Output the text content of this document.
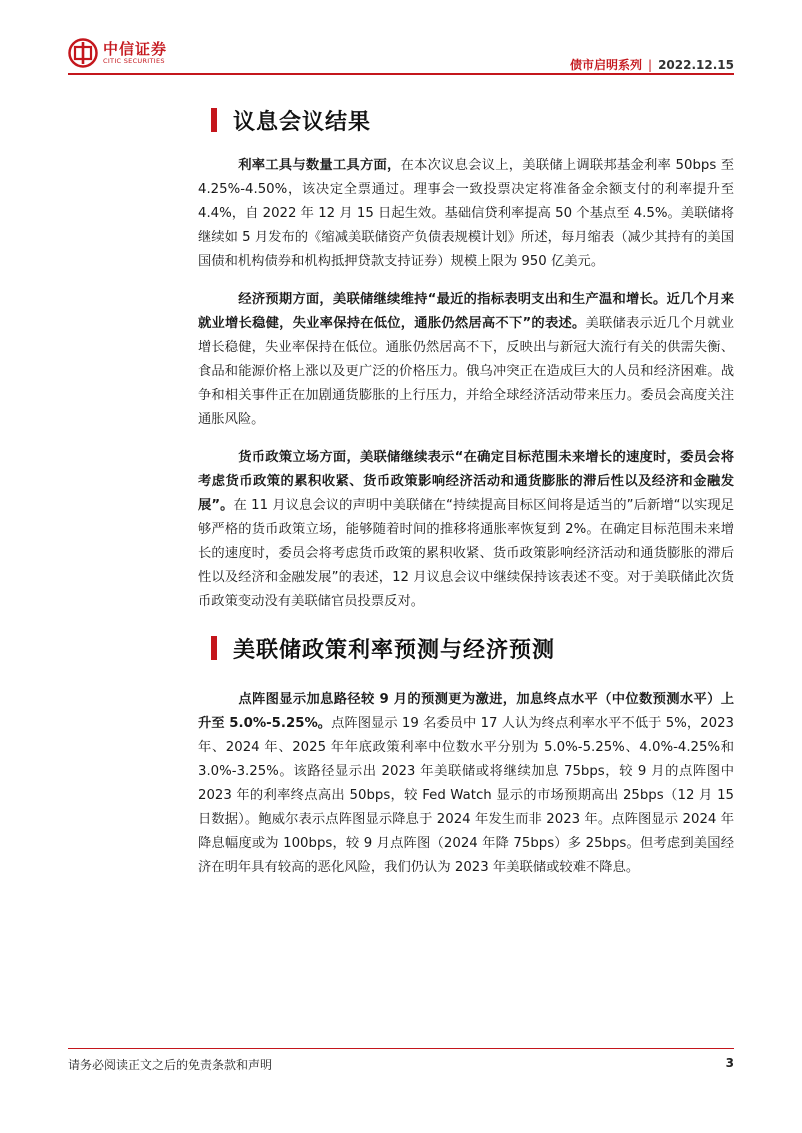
中信证券
CITIC SECURITIES	债市启明系列 | 2022.12.15
议息会议结果

利率工具与数量工具方面，在本次议息会议上，美联储上调联邦基金利率 50bps 至 4.25%-4.50%，该决定全票通过。理事会一致投票决定将准备金余额支付的利率提升至 4.4%，自 2022 年 12 月 15 日起生效。基础信贷利率提高 50 个基点至 4.5%。美联储将继续如 5 月发布的《缩减美联储资产负债表规模计划》所述，每月缩表（减少其持有的美国国债和机构债券和机构抵押贷款支持证券）规模上限为 950 亿美元。

经济预期方面，美联储继续维持“最近的指标表明支出和生产温和增长。近几个月来就业增长稳健，失业率保持在低位，通胀仍然居高不下”的表述。美联储表示近几个月就业增长稳健，失业率保持在低位。通胀仍然居高不下，反映出与新冠大流行有关的供需失衡、食品和能源价格上涨以及更广泛的价格压力。俄乌冲突正在造成巨大的人员和经济困难。战争和相关事件正在加剧通货膨胀的上行压力，并给全球经济活动带来压力。委员会高度关注通胀风险。

货币政策立场方面，美联储继续表示“在确定目标范围未来增长的速度时，委员会将考虑货币政策的累积收紧、货币政策影响经济活动和通货膨胀的滞后性以及经济和金融发展”。在 11 月议息会议的声明中美联储在“持续提高目标区间将是适当的”后新增“以实现足够严格的货币政策立场，能够随着时间的推移将通胀率恢复到 2%。在确定目标范围未来增长的速度时，委员会将考虑货币政策的累积收紧、货币政策影响经济活动和通货膨胀的滞后性以及经济和金融发展”的表述，12 月议息会议中继续保持该表述不变。对于美联储此次货币政策变动没有美联储官员投票反对。

美联储政策利率预测与经济预测

点阵图显示加息路径较 9 月的预测更为激进，加息终点水平（中位数预测水平）上升至 5.0%-5.25%。点阵图显示 19 名委员中 17 人认为终点利率水平不低于 5%，2023 年、2024 年、2025 年年底政策利率中位数水平分别为 5.0%-5.25%、4.0%-4.25%和 3.0%-3.25%。该路径显示出 2023 年美联储或将继续加息 75bps，较 9 月的点阵图中 2023 年的利率终点高出 50bps，较 Fed Watch 显示的市场预期高出 25bps（12 月 15 日数据）。鲍威尔表示点阵图显示降息于 2024 年发生而非 2023 年。点阵图显示 2024 年降息幅度或为 100bps，较 9 月点阵图（2024 年降 75bps）多 25bps。但考虑到美国经济在明年具有较高的恶化风险，我们仍认为 2023 年美联储或较难不降息。

请务必阅读正文之后的免责条款和声明	3
